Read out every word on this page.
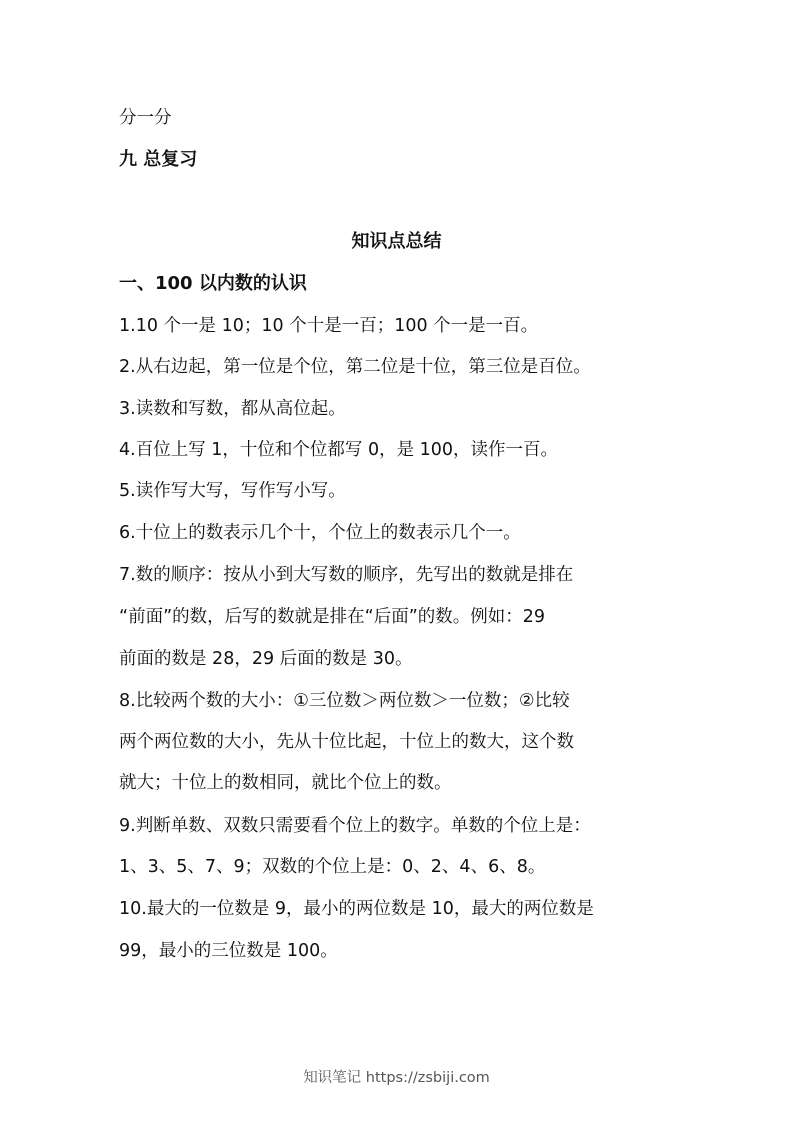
分一分
九 总复习
知识点总结
一、100 以内数的认识
1.10 个一是 10；10 个十是一百；100 个一是一百。
2.从右边起，第一位是个位，第二位是十位，第三位是百位。
3.读数和写数，都从高位起。
4.百位上写 1，十位和个位都写 0，是 100，读作一百。
5.读作写大写，写作写小写。
6.十位上的数表示几个十，个位上的数表示几个一。
7.数的顺序：按从小到大写数的顺序，先写出的数就是排在
“前面”的数，后写的数就是排在“后面”的数。例如：29
前面的数是 28，29 后面的数是 30。
8.比较两个数的大小：①三位数＞两位数＞一位数；②比较
两个两位数的大小，先从十位比起，十位上的数大，这个数
就大；十位上的数相同，就比个位上的数。
9.判断单数、双数只需要看个位上的数字。单数的个位上是：
1、3、5、7、9；双数的个位上是：0、2、4、6、8。
10.最大的一位数是 9，最小的两位数是 10，最大的两位数是
99，最小的三位数是 100。
知识笔记 https://zsbiji.com
